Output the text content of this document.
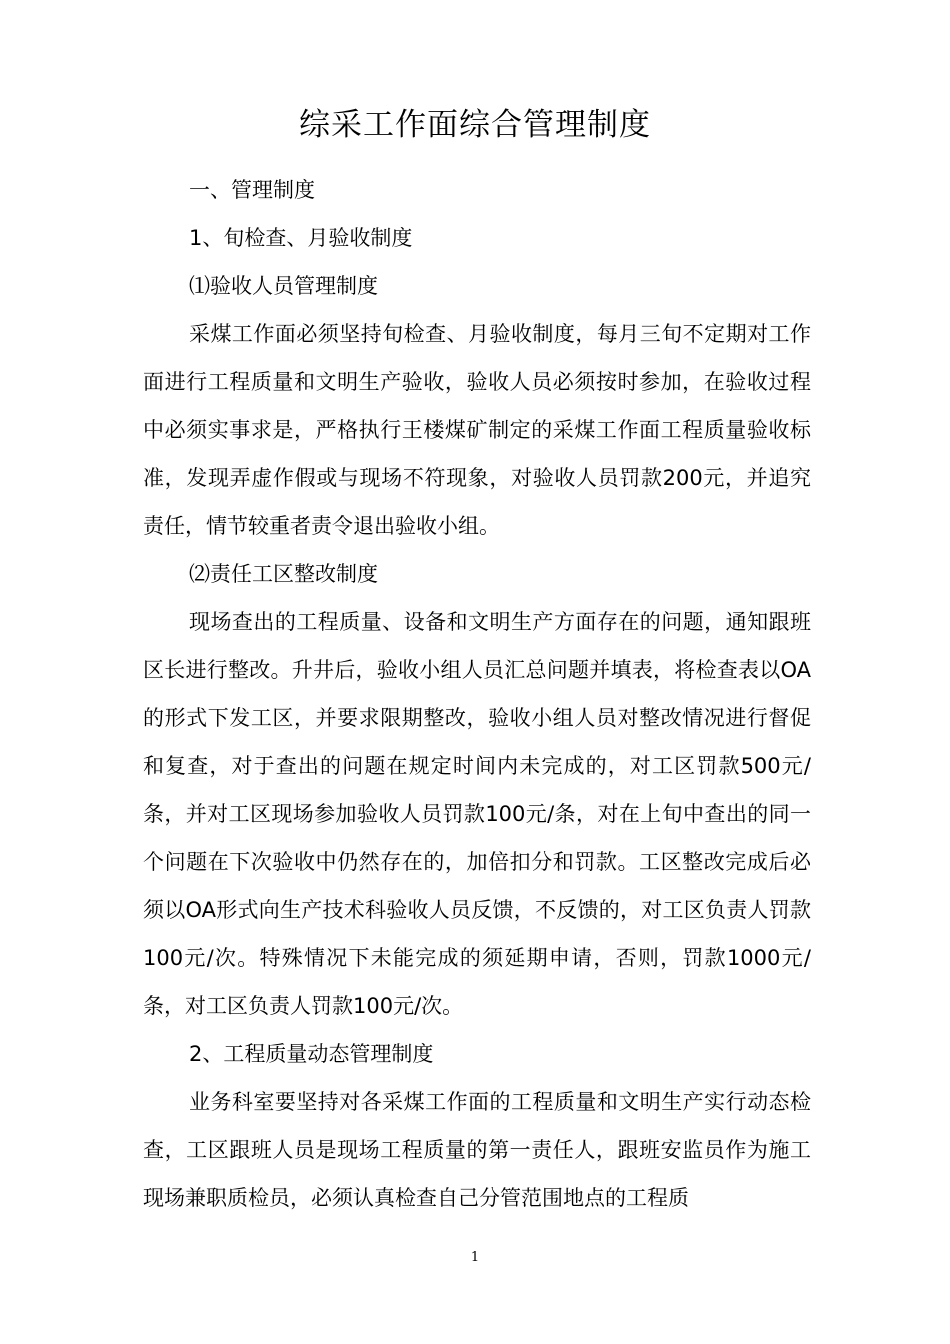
综采工作面综合管理制度

一、管理制度

1、旬检查、月验收制度

⑴验收人员管理制度

采煤工作面必须坚持旬检查、月验收制度，每月三旬不定期对工作面进行工程质量和文明生产验收，验收人员必须按时参加，在验收过程中必须实事求是，严格执行王楼煤矿制定的采煤工作面工程质量验收标准，发现弄虚作假或与现场不符现象，对验收人员罚款200元，并追究责任，情节较重者责令退出验收小组。

⑵责任工区整改制度

现场查出的工程质量、设备和文明生产方面存在的问题，通知跟班区长进行整改。升井后，验收小组人员汇总问题并填表，将检查表以OA的形式下发工区，并要求限期整改，验收小组人员对整改情况进行督促和复查，对于查出的问题在规定时间内未完成的，对工区罚款500元/条，并对工区现场参加验收人员罚款100元/条，对在上旬中查出的同一个问题在下次验收中仍然存在的，加倍扣分和罚款。工区整改完成后必须以OA形式向生产技术科验收人员反馈，不反馈的，对工区负责人罚款100元/次。特殊情况下未能完成的须延期申请，否则，罚款1000元/条，对工区负责人罚款100元/次。

2、工程质量动态管理制度

业务科室要坚持对各采煤工作面的工程质量和文明生产实行动态检查，工区跟班人员是现场工程质量的第一责任人，跟班安监员作为施工现场兼职质检员，必须认真检查自己分管范围地点的工程质

1
